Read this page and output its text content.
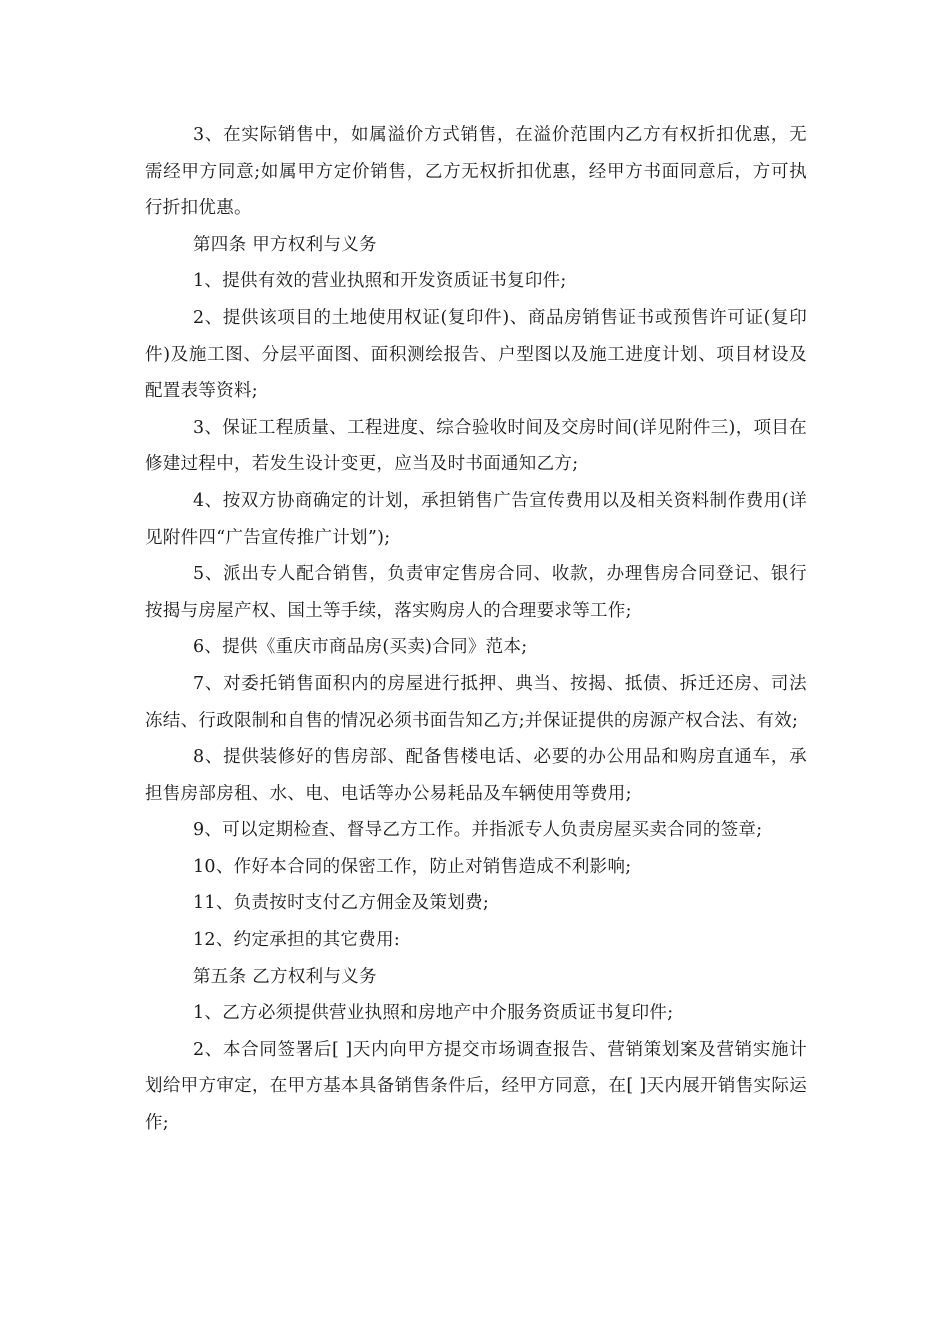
3、在实际销售中，如属溢价方式销售，在溢价范围内乙方有权折扣优惠，无需经甲方同意;如属甲方定价销售，乙方无权折扣优惠，经甲方书面同意后，方可执行折扣优惠。

第四条 甲方权利与义务

1、提供有效的营业执照和开发资质证书复印件;

2、提供该项目的土地使用权证(复印件)、商品房销售证书或预售许可证(复印件)及施工图、分层平面图、面积测绘报告、户型图以及施工进度计划、项目材设及配置表等资料;

3、保证工程质量、工程进度、综合验收时间及交房时间(详见附件三)，项目在修建过程中，若发生设计变更，应当及时书面通知乙方;

4、按双方协商确定的计划，承担销售广告宣传费用以及相关资料制作费用(详见附件四“广告宣传推广计划”);

5、派出专人配合销售，负责审定售房合同、收款，办理售房合同登记、银行按揭与房屋产权、国土等手续，落实购房人的合理要求等工作;

6、提供《重庆市商品房(买卖)合同》范本;

7、对委托销售面积内的房屋进行抵押、典当、按揭、抵债、拆迁还房、司法冻结、行政限制和自售的情况必须书面告知乙方;并保证提供的房源产权合法、有效;

8、提供装修好的售房部、配备售楼电话、必要的办公用品和购房直通车，承担售房部房租、水、电、电话等办公易耗品及车辆使用等费用;

9、可以定期检查、督导乙方工作。并指派专人负责房屋买卖合同的签章;

10、作好本合同的保密工作，防止对销售造成不利影响;

11、负责按时支付乙方佣金及策划费;

12、约定承担的其它费用:

第五条 乙方权利与义务

1、乙方必须提供营业执照和房地产中介服务资质证书复印件;

2、本合同签署后[ ]天内向甲方提交市场调查报告、营销策划案及营销实施计划给甲方审定，在甲方基本具备销售条件后，经甲方同意，在[ ]天内展开销售实际运作;
